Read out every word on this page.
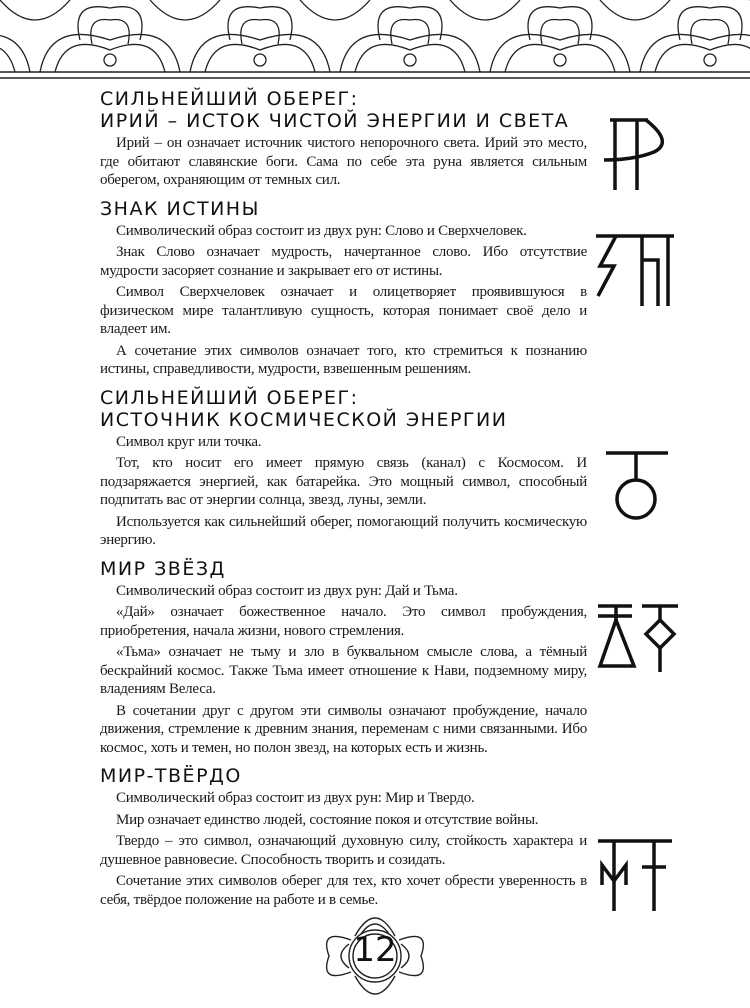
СИЛЬНЕЙШИЙ ОБЕРЕГ:
ИРИЙ – ИСТОК ЧИСТОЙ ЭНЕРГИИ И СВЕТА

Ирий – он означает источник чистого непорочного света. Ирий это место, где обитают славянские боги. Сама по себе эта руна является сильным оберегом, охраняющим от темных сил.

ЗНАК ИСТИНЫ

Символический образ состоит из двух рун: Слово и Сверхчеловек.

Знак Слово означает мудрость, начертанное слово. Ибо отсутствие мудрости засоряет сознание и закрывает его от истины.

Символ Сверхчеловек означает и олицетворяет проявившуюся в физическом мире талантливую сущность, которая понимает своё дело и владеет им.

А сочетание этих символов означает того, кто стремиться к познанию истины, справедливости, мудрости, взвешенным решениям.

СИЛЬНЕЙШИЙ ОБЕРЕГ:
ИСТОЧНИК КОСМИЧЕСКОЙ ЭНЕРГИИ

Символ круг или точка.

Тот, кто носит его имеет прямую связь (канал) с Космосом. И подзаряжается энергией, как батарейка. Это мощный символ, способный подпитать вас от энергии солнца, звезд, луны, земли.

Используется как сильнейший оберег, помогающий получить космическую энергию.

МИР ЗВЁЗД

Символический образ состоит из двух рун: Дай и Тьма.

«Дай» означает божественное начало. Это символ пробуждения, приобретения, начала жизни, нового стремления.

«Тьма» означает не тьму и зло в буквальном смысле слова, а тёмный бескрайний космос. Также Тьма имеет отношение к Нави, подземному миру, владениям Велеса.

В сочетании друг с другом эти символы означают пробуждение, начало движения, стремление к древним знания, переменам с ними связанными. Ибо космос, хоть и темен, но полон звезд, на которых есть и жизнь.

МИР-ТВЁРДО

Символический образ состоит из двух рун: Мир и Твердо.

Мир означает единство людей, состояние покоя и отсутствие войны.

Твердо – это символ, означающий духовную силу, стойкость характера и душевное равновесие. Способность творить и созидать.

Сочетание этих символов оберег для тех, кто хочет обрести уверенность в себя, твёрдое положение на работе и в семье.

12
